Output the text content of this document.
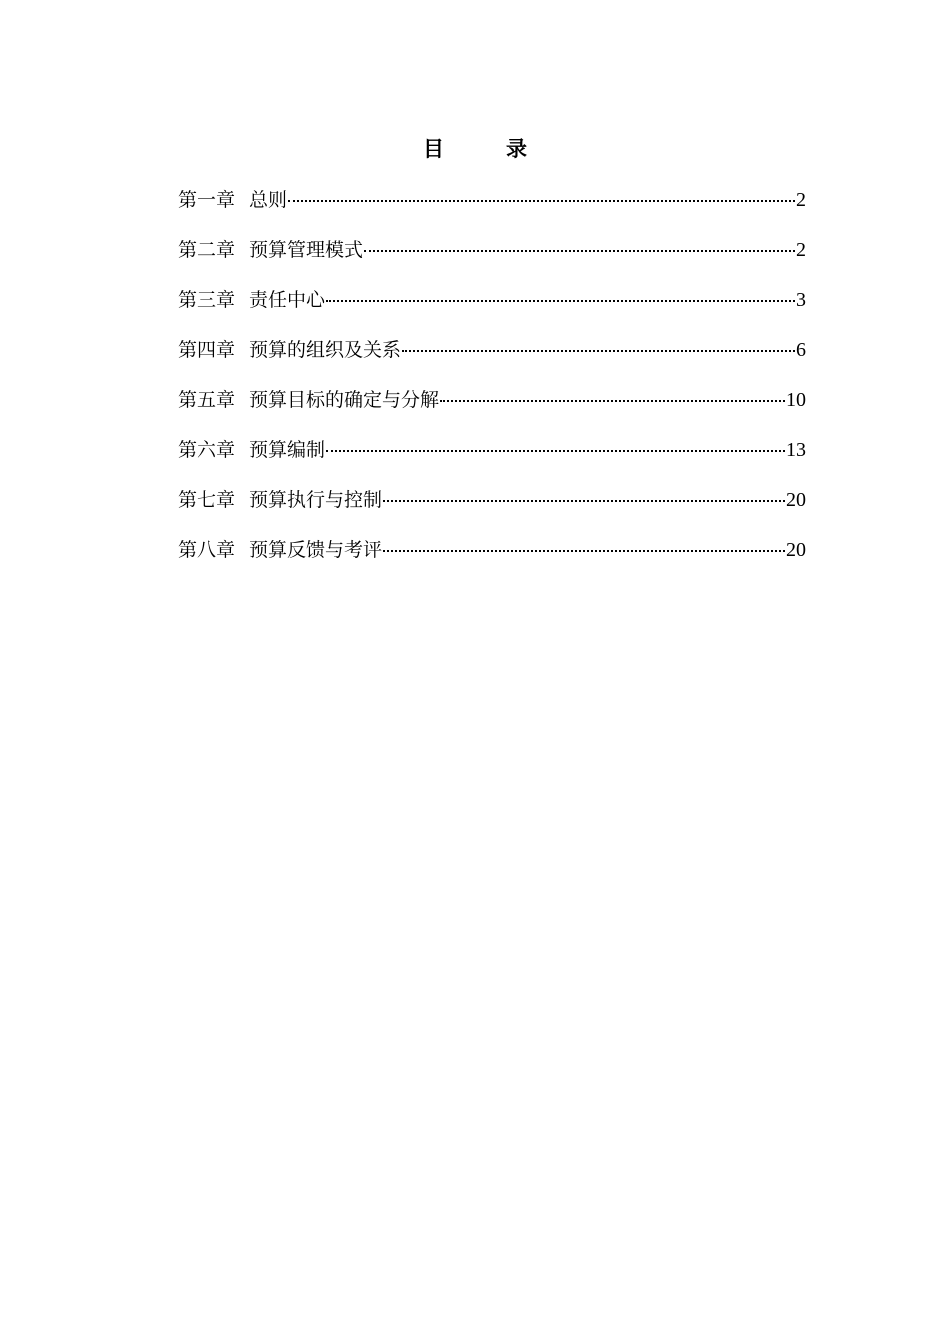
目录
第一章 总则	2
第二章 预算管理模式	2
第三章 责任中心	3
第四章 预算的组织及关系	6
第五章 预算目标的确定与分解	10
第六章 预算编制	13
第七章 预算执行与控制	20
第八章 预算反馈与考评	20
